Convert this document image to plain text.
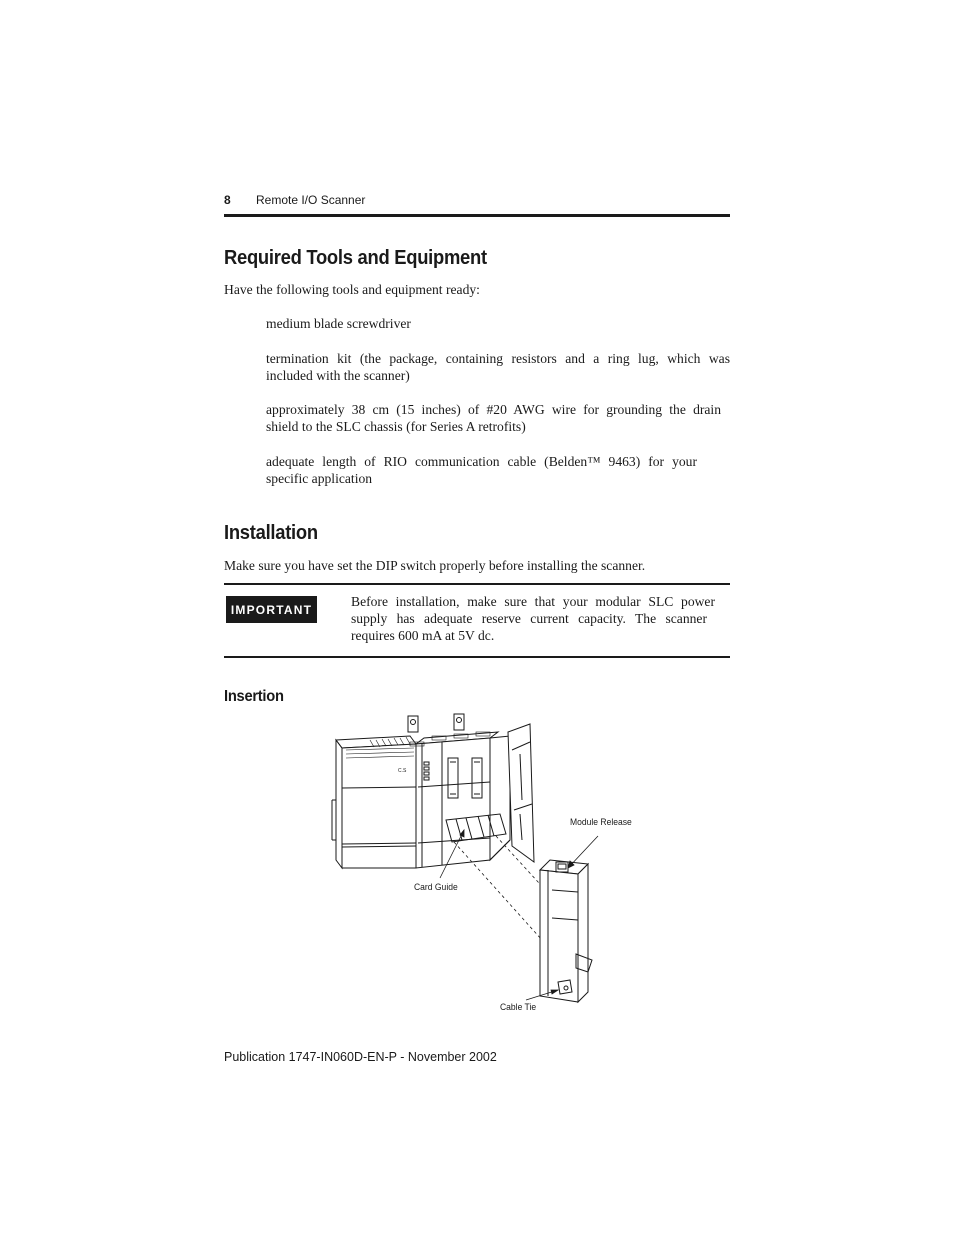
8 Remote I/O Scanner
Required Tools and Equipment
Have the following tools and equipment ready:
medium blade screwdriver
termination kit (the package, containing resistors and a ring lug, which was
included with the scanner)
approximately 38 cm (15 inches) of #20 AWG wire for grounding the drain
shield to the SLC chassis (for Series A retrofits)
adequate length of RIO communication cable (Belden™ 9463) for your
specific application
Installation
Make sure you have set the DIP switch properly before installing the scanner.
IMPORTANT
Before installation, make sure that your modular SLC power
supply has adequate reserve current capacity. The scanner
requires 600 mA at 5V dc.
Insertion
C.S
Module Release
Card Guide
Cable Tie
Publication 1747-IN060D-EN-P - November 2002
